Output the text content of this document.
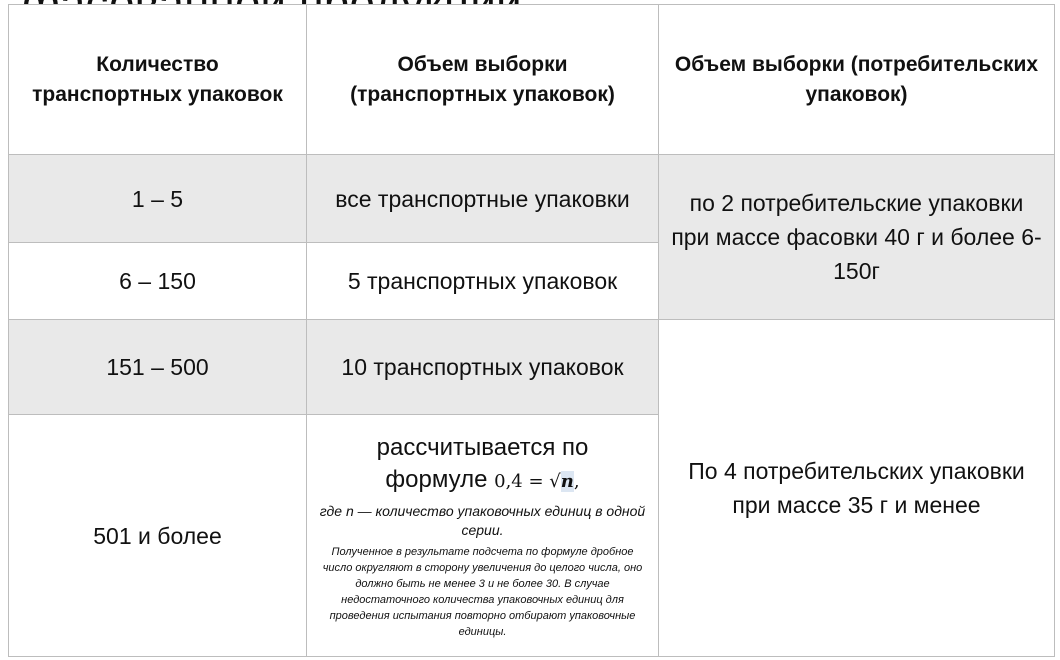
Количество транспортных упаковок	Объем выборки (транспортных упаковок)	Объем выборки (потребительских упаковок)
1 – 5	все транспортные упаковки	по 2 потребительские упаковки при массе фасовки 40 г и более 6-150г
6 – 150	5 транспортных упаковок	
151 – 500	10 транспортных упаковок	По 4 потребительских упаковки при массе 35 г и менее
501 и более	рассчитывается по
формуле 0,4 = √n,
где n — количество упаковочных единиц в одной серии.
Полученное в результате подсчета по формуле дробное число округляют в сторону увеличения до целого числа, оно должно быть не менее 3 и не более 30. В случае недостаточного количества упаковочных единиц для проведения испытания повторно отбирают упаковочные единицы.	
